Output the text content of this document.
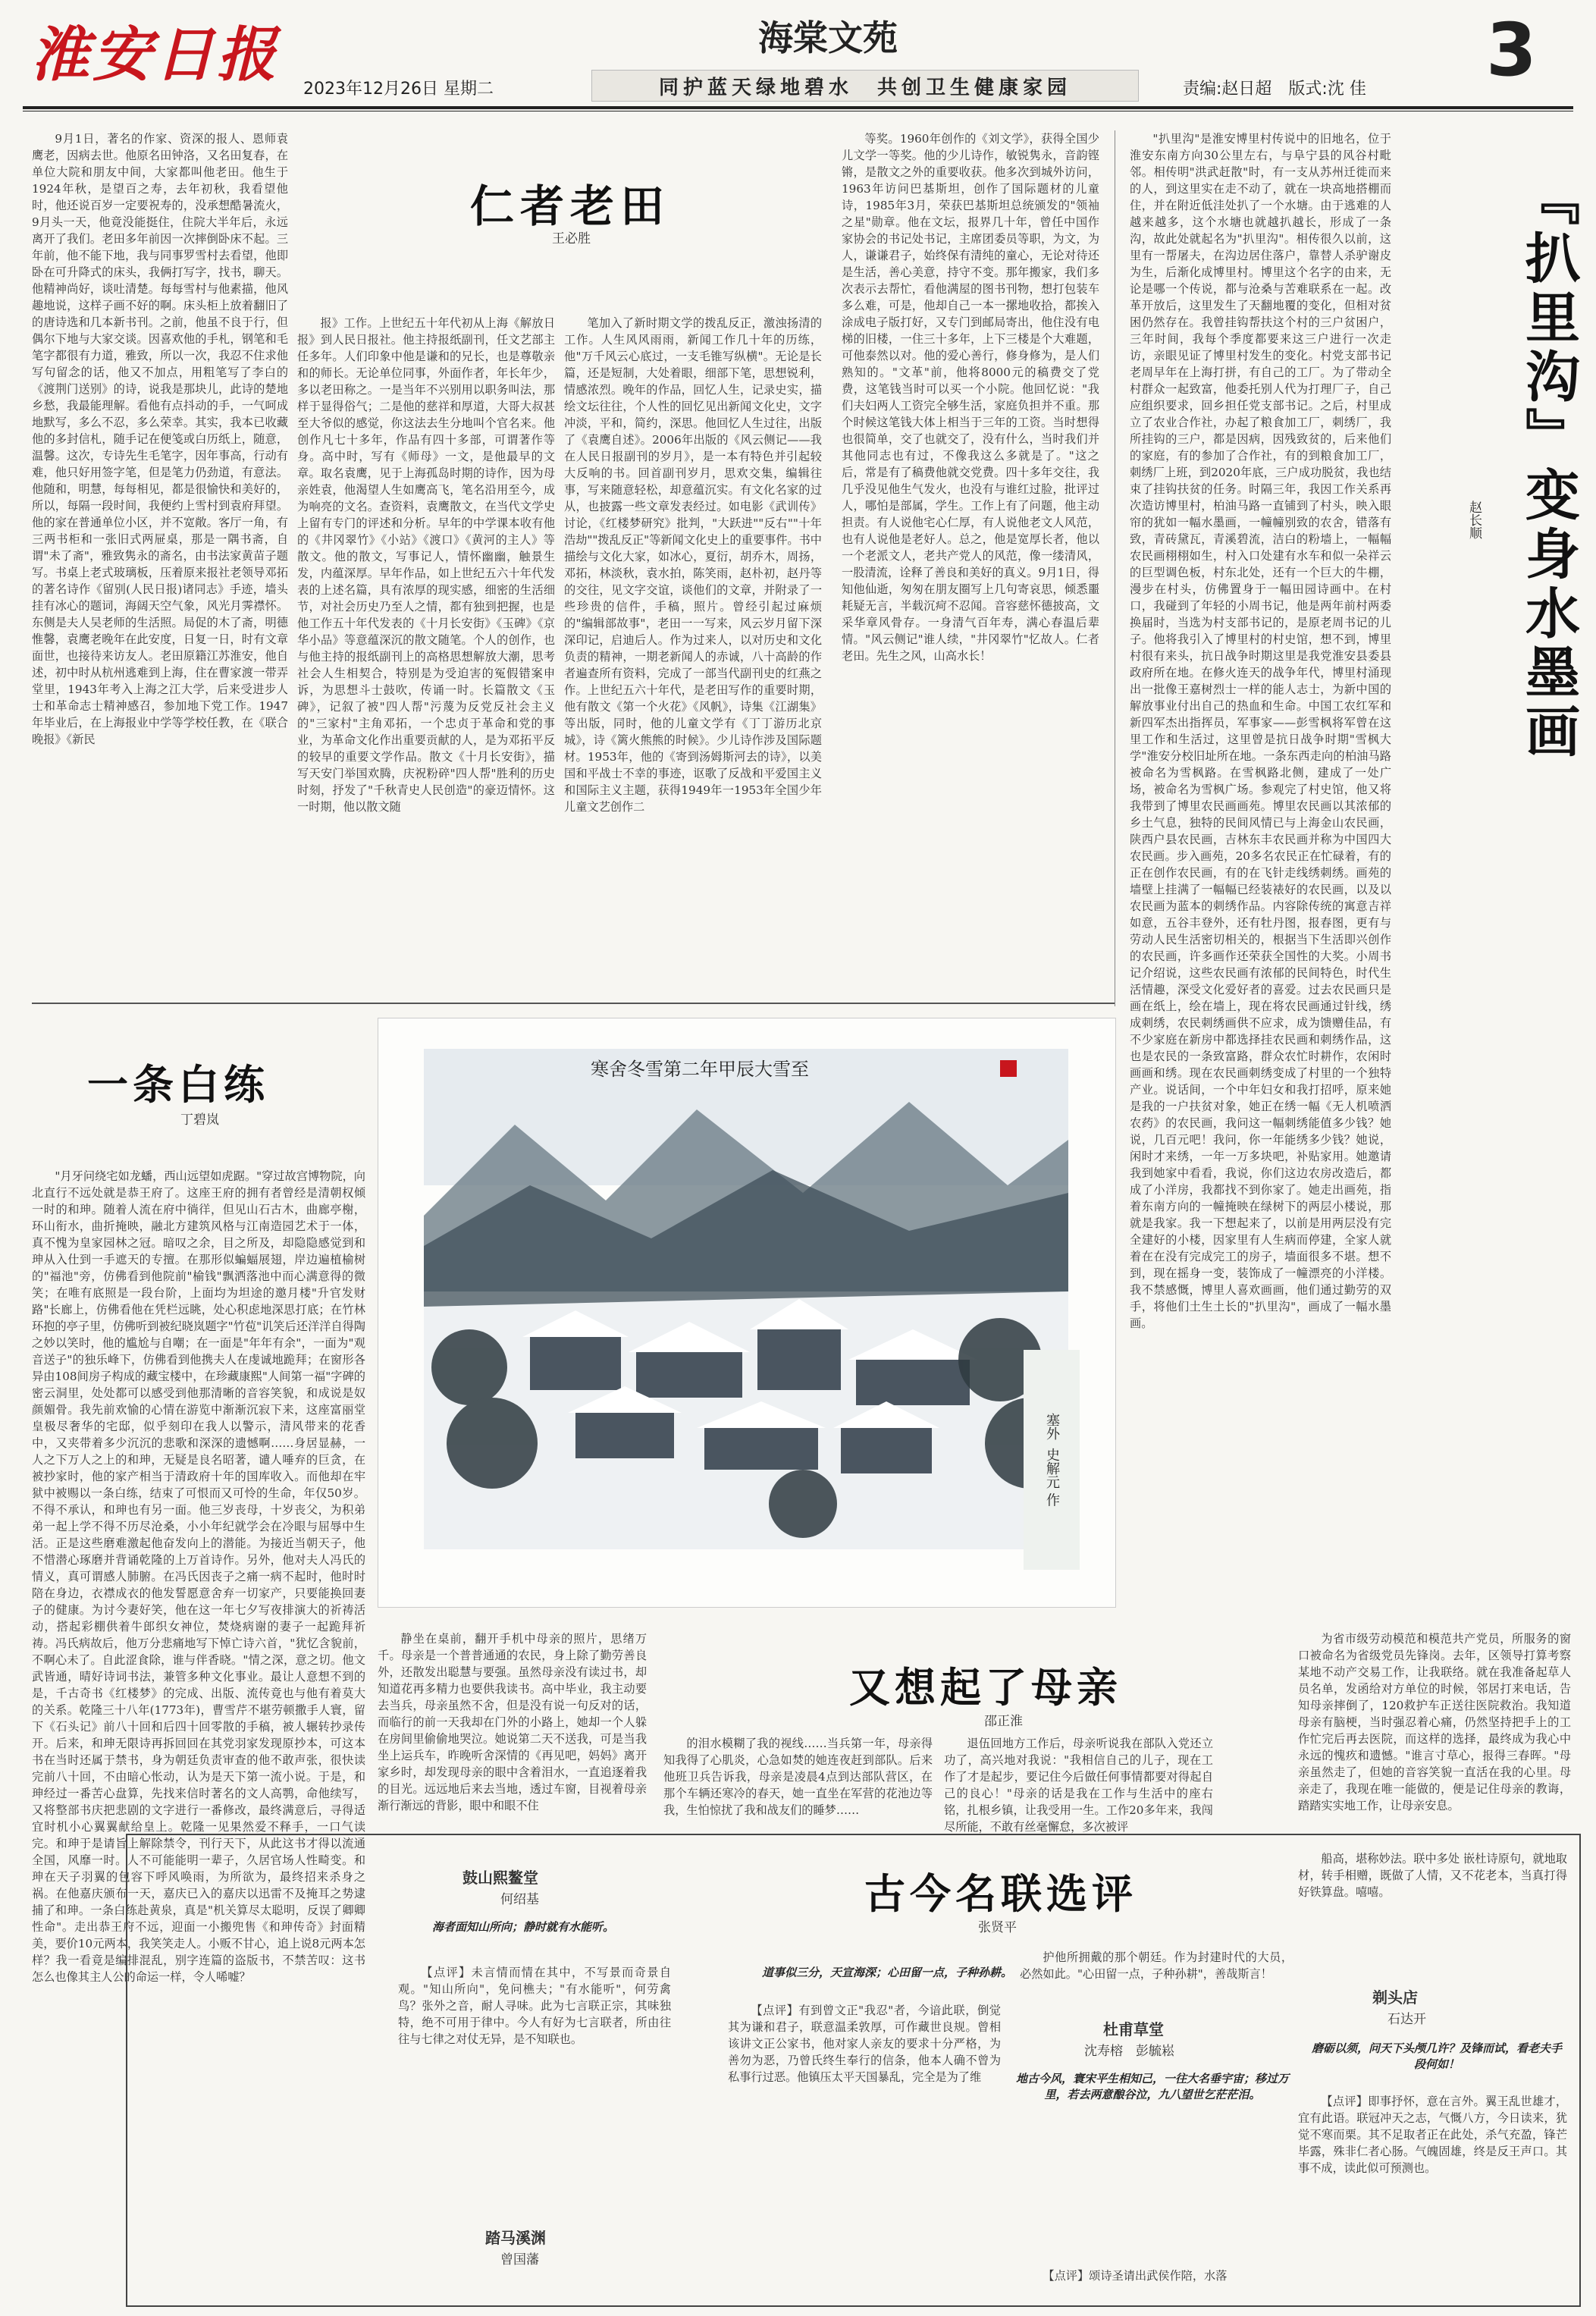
淮安日报	海棠文苑	3
2023年12月26日 星期二	同护蓝天绿地碧水　共创卫生健康家园	责编:赵日超　版式:沈 佳
仁者老田
王必胜

9月1日，著名的作家、资深的报人、恩师袁鹰老，因病去世。他原名田钟洛，又名田复春，在单位大院和朋友中间，大家都叫他老田。他生于1924年秋，是望百之寿，去年初秋，我看望他时，他还说百岁一定要祝寿的，没承想酷暑流火，9月头一天，他竟没能挺住，住院大半年后，永远离开了我们。老田多年前因一次摔倒卧床不起。三年前，他不能下地，我与同事罗雪村去看望，他即卧在可升降式的床头，我俩打写字，找书，聊天。他精神尚好，谈吐清楚。每每雪村与他素描，他风趣地说，这样子画不好的啊。床头柜上放着翻旧了的唐诗选和几本新书刊。之前，他虽不良于行，但偶尔下地与大家交谈。因喜欢他的手札，钢笔和毛笔字都很有力道，雅致，所以一次，我忍不住求他写句留念的话，他又不加点，用粗笔写了李白的《渡荆门送别》的诗，说我是那块儿，此诗的楚地乡愁，我最能理解。看他有点抖动的手，一气呵成地默写，多么不忍，多么荣幸。其实，我本已收藏他的多封信札，随手记在便笺或白历纸上，随意，温馨。这次，专诗先生毛笔字，因年事高，行动有难，他只好用签字笔，但是笔力仍劲道，有意法。他随和，明慧，每每相见，都是很愉快和美好的，所以，每隔一段时间，我便约上雪村到袁府拜望。他的家在普通单位小区，并不宽敞。客厅一角，有三两书柜和一张旧式两屉桌，那是一隅书斋，自谓"未了斋"，雅致隽永的斋名，由书法家黄苗子题写。书桌上老式玻璃板，压着原来报社老领导邓拓的著名诗作《留别(人民日报)诸同志》手迹，墙头挂有冰心的题词，海阔天空气象，风光月霁襟怀。东侧是夫人吴老师的生活照。局促的木了斋，明德惟馨，袁鹰老晚年在此安度，日复一日，时有文章面世，也接待来访友人。老田原籍江苏淮安，他自述，初中时从杭州逃难到上海，住在曹家渡一带弄堂里，1943年考入上海之江大学，后来受进步人士和革命志士精神感召，参加地下党工作。1947年毕业后，在上海报业中学等学校任教，在《联合晚报》《新民

报》工作。上世纪五十年代初从上海《解放日报》到人民日报社。他主持报纸副刊，任文艺部主任多年。人们印象中他是谦和的兄长，也是尊敬亲和的师长。无论单位同事，外面作者，年长年少，多以老田称之。一是当年不兴别用以职务叫法，那样于显得俗气；二是他的慈祥和厚道，大哥大叔甚至大爷似的感觉，你这法去生分地叫个官名来。他创作凡七十多年，作品有四十多部，可谓著作等身。高中时，写有《师母》一文，是他最早的文章。取名袁鹰，见于上海孤岛时期的诗作，因为母亲姓袁，他渴望人生如鹰高飞，笔名沿用至今，成为响亮的文名。查资料，袁鹰散文，在当代文学史上留有专门的评述和分析。早年的中学课本收有他的《井冈翠竹》《小站》《渡口》《黄河的主人》等散文。他的散文，写事记人，情怀幽幽，触景生发，内蕴深厚。早年作品，如上世纪五六十年代发表的上述名篇，具有浓厚的现实感，细密的生活细节，对社会历史乃至人之情，都有独到把握，也是他工作五十年代发表的《十月长安街》《玉碑》《京华小品》等意蕴深沉的散文随笔。个人的创作，也与他主持的报纸副刊上的高格思想解放大潮，思考社会人生相契合，特别是为受迫害的冤假错案申诉，为思想斗士鼓吹，传诵一时。长篇散文《玉碑》，记叙了被"四人帮"污蔑为反党反社会主义的"三家村"主角邓拓，一个忠贞于革命和党的事业，为革命文化作出重要贡献的人，是为邓拓平反的较早的重要文学作品。散文《十月长安街》，描写天安门举国欢腾，庆祝粉碎"四人帮"胜利的历史时刻，抒发了"千秋青史人民创造"的豪迈情怀。这一时期，他以散文随

笔加入了新时期文学的拨乱反正，激浊扬清的工作。人生风风雨雨，新闻工作几十年的历练，他"万千风云心底过，一支毛锥写纵横"。无论是长篇，还是短制，大处着眼，细部下笔，思想锐利，情感浓烈。晚年的作品，回忆人生，记录史实，描绘文坛往往，个人性的回忆见出新闻文化史，文字冲淡，平和，简约，深思。他回忆人生过往，出版了《袁鹰自述》。2006年出版的《风云侧记——我在人民日报副刊的岁月》，是一本有特色并引起较大反响的书。回首副刊岁月，思欢交集，编辑往事，写来随意轻松，却意蕴沉实。有文化名家的过从，也披露一些文章发表经过。如电影《武训传》讨论，《红楼梦研究》批判，"大跃进""反右""十年浩劫""拨乱反正"等新闻文化史上的重要事件。书中描绘与文化大家，如冰心，夏衍，胡乔木，周扬，邓拓，林淡秋，袁水拍，陈笑雨，赵朴初，赵丹等的交往，见文字交谊，谈他们的文章，并附录了一些珍贵的信件，手稿，照片。曾经引起过麻烦的"编辑部故事"，老田一一写来，风云岁月留下深深印记，启迪后人。作为过来人，以对历史和文化负责的精神，一期老新闻人的赤诚，八十高龄的作者遍查所有资料，完成了一部当代副刊史的红燕之作。上世纪五六十年代，是老田写作的重要时期，他有散文《第一个火花》《风帆》，诗集《江湖集》等出版，同时，他的儿童文学有《丁丁游历北京城》，诗《篱火熊熊的时候》。少儿诗作涉及国际题材。1953年，他的《寄到汤姆斯河去的诗》，以美国和平战士不幸的事迹，讴歌了反战和平爱国主义和国际主义主题，获得1949年一1953年全国少年儿童文艺创作二

等奖。1960年创作的《刘文学》，获得全国少儿文学一等奖。他的少儿诗作，敏锐隽永，音韵铿锵，是散文之外的重要收获。他多次到城外访问，1963年访问巴基斯坦，创作了国际题材的儿童诗，1985年3月，荣获巴基斯坦总统颁发的"领袖之星"勋章。他在文坛，报界几十年，曾任中国作家协会的书记处书记，主席团委员等职，为文，为人，谦谦君子，始终保有清纯的童心，无论对待还是生活，善心美意，持守不变。那年搬家，我们多次表示去帮忙，看他满屋的图书刊物，想打包装车多么难，可是，他却自己一本一摞地收拾，都挨入涂成电子版打好，又专门到邮局寄出，他住没有电梯的旧楼，一住三十多年，上下三楼是个大难题，可他泰然以对。他的爱心善行，修身修为，是人们熟知的。"文革"前，他将8000元的稿费交了党费，这笔钱当时可以买一个小院。他回忆说："我们夫妇两人工资完全够生活，家庭负担并不重。那个时候这笔钱大体上相当于三年的工资。当时想得也很简单，交了也就交了，没有什么，当时我们并其他同志也有过，不像我这么多就是了。"这之后，常是有了稿费他就交党费。四十多年交往，我几乎没见他生气发火，也没有与谁红过脸，批评过人，哪怕是部属，学生。工作上有了问题，他主动担责。有人说他宅心仁厚，有人说他老文人风范，也有人说他是老好人。总之，他是宽厚长者，他以一个老派文人，老共产党人的风范，像一缕清风，一股清流，诠释了善良和美好的真义。9月1日，得知他仙逝，匆匆在朋友圈写上几句寄哀思，倾悉噩耗疑无言，半载沉疴不忍闻。音容慈怀德披高，文采华章风骨存。一身清气百年寿，满心春温后辈情。"风云侧记"谁人续，"井冈翠竹"忆故人。仁者老田。先生之风，山高水长！	『扒里沟』变身水墨画
赵长顺

"扒里沟"是淮安博里村传说中的旧地名，位于淮安东南方向30公里左右，与阜宁县的风谷村毗邻。相传明"洪武赶散"时，有一支从苏州迁徙而来的人，到这里实在走不动了，就在一块高地搭棚而住，并在附近低洼处扒了一个水塘。由于逃难的人越来越多，这个水塘也就越扒越长，形成了一条沟，故此处就起名为"扒里沟"。相传很久以前，这里有一帮屠夫，在沟边居住落户，靠替人杀驴谢皮为生，后渐化成博里村。博里这个名字的由来，无论是哪一个传说，都与沧桑与苦难联系在一起。改革开放后，这里发生了天翻地覆的变化，但相对贫困仍然存在。我曾挂钩帮扶这个村的三户贫困户，三年时间，我每个季度都要来这三户进行一次走访，亲眼见证了博里村发生的变化。村党支部书记老周早年在上海打拼，有自己的工厂。为了带动全村群众一起致富，他委托别人代为打理厂子，自己应组织要求，回乡担任党支部书记。之后，村里成立了农业合作社，办起了粮食加工厂，刺绣厂，我所挂钩的三户，都是因病，因残致贫的，后来他们的家庭，有的参加了合作社，有的到粮食加工厂，刺绣厂上班，到2020年底，三户成功脱贫，我也结束了挂钩扶贫的任务。时隔三年，我因工作关系再次造访博里村，柏油马路一直铺到了村头，映入眼帘的犹如一幅水墨画，一幢幢别致的农舍，错落有致，青砖黛瓦，青溪碧流，洁白的粉墙上，一幅幅农民画栩栩如生，村入口处建有水车和似一朵祥云的巨型调色板，村东北处，还有一个巨大的牛棚，漫步在村头，仿佛置身于一幅田园诗画中。在村口，我碰到了年轻的小周书记，他是两年前村两委换届时，当选为村支部书记的，是原老周书记的儿子。他将我引入了博里村的村史馆，想不到，博里村很有来头，抗日战争时期这里是我党淮安县委县政府所在地。在修火连天的战争年代，博里村涌现出一批像王嘉树烈士一样的能人志士，为新中国的解放事业付出自己的热血和生命。中国工农红军和新四军杰出指挥员，军事家——彭雪枫将军曾在这里工作和生活过，这里曾是抗日战争时期"雪枫大学"淮安分校旧址所在地。一条东西走向的柏油马路被命名为雪枫路。在雪枫路北侧，建成了一处广场，被命名为雪枫广场。参观完了村史馆，他又将我带到了博里农民画画苑。博里农民画以其浓郁的乡土气息，独特的民间风情已与上海金山农民画，陕西户县农民画，吉林东丰农民画并称为中国四大农民画。步入画苑，20多名农民正在忙碌着，有的正在创作农民画，有的在飞针走线绣刺绣。画苑的墙壁上挂满了一幅幅已经装裱好的农民画，以及以农民画为蓝本的刺绣作品。内容除传统的寓意吉祥如意，五谷丰登外，还有牡丹图，报春图，更有与劳动人民生活密切相关的，根据当下生活即兴创作的农民画，许多画作还荣获全国性的大奖。小周书记介绍说，这些农民画有浓郁的民间特色，时代生活情趣，深受文化爱好者的喜爱。过去农民画只是画在纸上，绘在墙上，现在将农民画通过针线，绣成刺绣，农民刺绣画供不应求，成为馈赠佳品，有不少家庭在新房中都选择挂农民画和刺绣作品，这也是农民的一条致富路，群众农忙时耕作，农闲时画画和绣。现在农民画刺绣变成了村里的一个独特产业。说话间，一个中年妇女和我打招呼，原来她是我的一户扶贫对象，她正在绣一幅《无人机喷洒农药》的农民画，我问这一幅刺绣能值多少钱？她说，几百元吧！我问，你一年能绣多少钱？她说，闲时才来绣，一年一万多块吧，补贴家用。她邀请我到她家中看看，我说，你们这边农房改造后，都成了小洋房，我都找不到你家了。她走出画苑，指着东南方向的一幢掩映在绿树下的两层小楼说，那就是我家。我一下想起来了，以前是用两层没有完全建好的小楼，因家里有人生病而停建，全家人就着在在没有完成完工的房子，墙面很多不堪。想不到，现在摇身一变，装饰成了一幢漂亮的小洋楼。我不禁感慨，博里人喜欢画画，他们通过勤劳的双手，将他们土生土长的"扒里沟"，画成了一幅水墨画。

一条白练
丁碧岚

"月牙问绕宅如龙蟠，西山远望如虎踞。"穿过故宫博物院，向北直行不远处就是恭王府了。这座王府的拥有者曾经是清朝权倾一时的和珅。随着人流在府中徜徉，但见山石古木，曲廊亭榭，环山衔水，曲折掩映，融北方建筑风格与江南造园艺术于一体，真不愧为皇家园林之冠。暗叹之余，目之所及，却隐隐感觉到和珅从入仕到一手遮天的专擅。在那形似蝙蝠展翅，岸边遍植榆树的"福池"旁，仿佛看到他院前"榆钱"飘洒落池中而心满意得的微笑；在唯有底照是一段台阶，上面均为坦途的邀月楼"升官发财路"长廊上，仿佛看他在凭栏远眺，处心积虑地深思打底；在竹林环抱的亭子里，仿佛听到被纪晓岚题字"竹苞"讥笑后还洋洋自得陶之妙以笑时，他的尴尬与自嘲；在一面是"年年有余"，一面为"观音送子"的独乐峰下，仿佛看到他携夫人在虔诚地跪拜；在窗形各异由108间房子构成的藏宝楼中，在珍藏康熙"人间第一福"字碑的密云洞里，处处都可以感受到他那清晰的音容笑貌，和成说是奴颜媚骨。我先前欢愉的心情在游览中渐渐沉寂下来，这座富丽堂皇极尽奢华的宅邸，似乎刻印在我人以警示，清风带来的花香中，又夹带着多少沉沉的悲歌和深深的遗憾啊……身居显赫，一人之下万人之上的和珅，无疑是良名昭著，谴人唾弃的巨贪，在被抄家时，他的家产相当于清政府十年的国库收入。而他却在牢狱中被赐以一条白练，结束了可恨而又可怜的生命，年仅50岁。不得不承认，和珅也有另一面。他三岁丧母，十岁丧父，为积弟弟一起上学不得不历尽沧桑，小小年纪就学会在冷眼与屈辱中生活。正是这些磨难激起他奋发向上的潜能。为接近当朝天子，他不惜潜心琢磨并背诵乾隆的上万首诗作。另外，他对夫人冯氏的情义，真可谓感人肺腑。在冯氏因丧子之痛一病不起时，他时时陪在身边，衣襟成衣的他发誓愿意舍弃一切家产，只要能换回妻子的健康。为讨今妻好笑，他在这一年七夕写夜排演大的祈祷活动，搭起彩棚供着牛郎织女神位，焚烧病谢的妻子一起跪拜祈祷。冯氏病故后，他万分悲痛地写下悼亡诗六首，"犹忆含貌前，不啊心未了。自此涩食除，谁与伴香晓。"情之深，意之切。他文武皆通，晴好诗词书法，兼管多种文化事业。最让人意想不到的是，千古奇书《红楼梦》的完成、出版、流传竟也与他有着莫大的关系。乾隆三十八年(1773年)，曹雪芹不堪劳顿撒手人寰，留下《石头记》前八十回和后四十回零散的手稿，被人辗转抄录传开。后来，和珅无限诗再拆回回在其党羽家发现原抄本，可这本书在当时还属于禁书，身为朝廷负责审查的他不敢声张，很快读完前八十回，不由暗心怅动，认为是天下第一流小说。于是，和珅经过一番苦心盘算，先找来信时著名的文人高鹗，命他续写，又将整部书庆把悲剧的文字进行一番修改，最终满意后，寻得适宜时机小心翼翼献给皇上。乾隆一见果然爱不释手，一口气读完。和珅于是请旨上解除禁令，刊行天下，从此这书才得以流通全国，风靡一时。人不可能能明一辈子，久居官场人性畸变。和珅在天子羽翼的包容下呼风唤雨，为所欲为，最终招来杀身之祸。在他嘉庆颁布一天，嘉庆已入的嘉庆以迅雷不及掩耳之势逮捕了和珅。一条白练赴黄泉，真是"机关算尽太聪明，反误了卿卿性命"。走出恭王府不远，迎面一小搬兜售《和珅传奇》封面精美，要价10元两本，我笑笑走人。小贩不甘心，追上说8元两本怎样？我一看竟是编排混乱，别字连篇的盗版书，不禁苦叹：这书怎么也像其主人公的命运一样，令人唏嘘？

寒舍冬雪第二年甲辰大雪至
塞外
史解元 作
又想起了母亲
邵正淮

静坐在桌前，翻开手机中母亲的照片，思绪万千。母亲是一个普普通通的农民，身上除了勤劳善良外，还散发出聪慧与要强。虽然母亲没有读过书，却知道花再多精力也要供我读书。高中毕业，我主动要去当兵，母亲虽然不舍，但是没有说一句反对的话，而临行的前一天我却在门外的小路上，她却一个人躲在房间里偷偷地哭泣。她说第二天不送我，可是当我坐上运兵车，昨晚听舍深情的《再见吧，妈妈》离开家乡时，却发现母亲的眼中含着泪水，一直追逐着我的目光。远远地后来去当地，透过车窗，目视着母亲渐行渐远的背影，眼中和眼不住

的泪水模糊了我的视线……当兵第一年，母亲得知我得了心肌炎，心急如焚的她连夜赶到部队。后来他班卫兵告诉我，母亲是凌晨4点到达部队营区，在那个车辆还寒冷的春天，她一直坐在军营的花池边等我，生怕惊扰了我和战友们的睡梦……

退伍回地方工作后，母亲听说我在部队入党还立功了，高兴地对我说："我相信自己的儿子，现在工作了才是起步，要记住今后做任何事情都要对得起自己的良心！"母亲的话是我在工作与生活中的座右铭，扎根乡镇，让我受用一生。工作20多年来，我闯尽所能，不敢有丝毫懈怠，多次被评

为省市级劳动模范和模范共产党员，所服务的窗口被命名为省级党员先锋岗。去年，区领导打算考察某地不动产交易工作，让我联络。就在我准备起草人员名单，发函给对方单位的时候，邻居打来电话，告知母亲摔倒了，120救护车正送往医院救治。我知道母亲有脑梗，当时强忍着心痛，仍然坚持把手上的工作忙完后再去医院，而这样的选择，最终成为我心中永远的愧疚和遗憾。"谁言寸草心，报得三春晖。"母亲虽然走了，但她的音容笑貌一直活在我的心里。母亲走了，我现在唯一能做的，便是记住母亲的教诲，踏踏实实地工作，让母亲安息。

古今名联选评
张贤平
鼓山熙鳌堂
何绍基
海者面知山所向；静时就有水能听。

【点评】未言情而情在其中，不写景而奇景自观。"知山所向"，免问樵夫；"有水能听"，何劳禽鸟？张外之音，耐人寻味。此为七言联正宗，其味独特，绝不可用于律中。今人有好为七言联者，所由往往与七律之对仗无异，是不知联也。

踏马溪渊
曾国藩
道事似三分，天宣海深；心田留一点，子种孙耕。

【点评】有到曾文正"我忍"者，今谙此联，倒觉其为谦和君子，联意温柔敦厚，可作藏世良规。曾相该讲文正公家书，他对家人亲友的要求十分严格，为善勿为恶，乃曾氏终生奉行的信条，他本人确不曾为私事行过恶。他镇压太平天国暴乱，完全是为了维

护他所拥戴的那个朝廷。作为封建时代的大员，必然如此。"心田留一点，子种孙耕"，善哉斯言！

杜甫草堂
沈寿榕　彭毓崧
地古今风，寰宋平生相知己，一往大名垂宇宙；移过万里，若去两意酿谷泣，九八望世乞茫茫泪。

【点评】颂诗圣请出武侯作陪，水落

船高，堪称妙法。联中多处 嵌杜诗原句，就地取材，转手相赠，既做了人情，又不花老本，当真打得好铁算盘。嘻嘻。

剃头店
石达开
磨砺以须，问天下头颅几许？及锋而试，看老夫手段何如！

【点评】即事抒怀，意在言外。翼王乱世雄才，宜有此语。联冠冲天之志，气慨八方，今日读来，犹觉不寒而栗。其不足取者正在此处，杀气充盈，锋芒毕露，殊非仁者心肠。气魄固雄，终是反王声口。其事不成，读此似可预测也。
